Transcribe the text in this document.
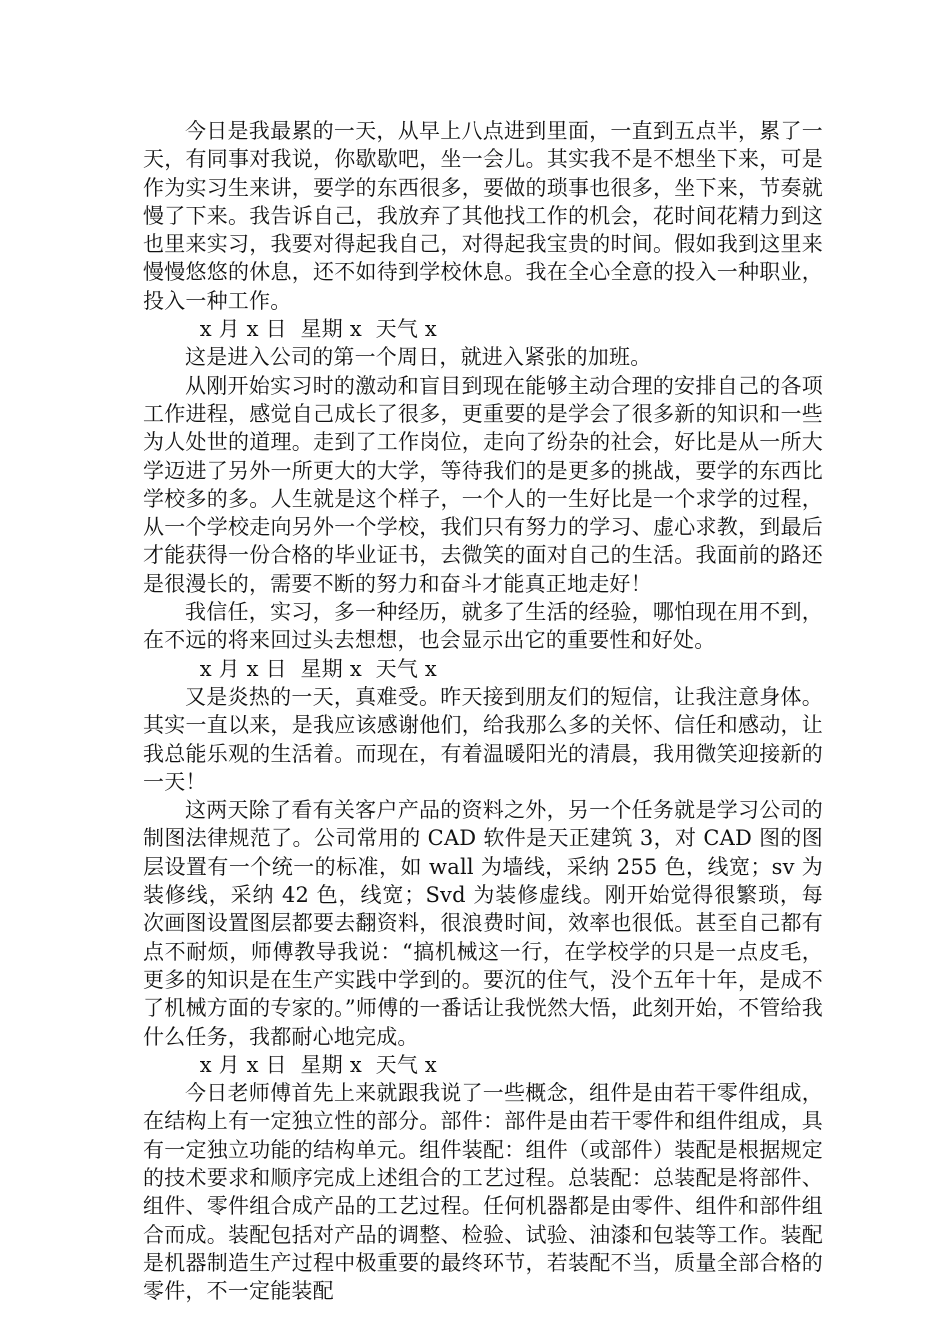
今日是我最累的一天，从早上八点进到里面，一直到五点半，累了一天，有同事对我说，你歇歇吧，坐一会儿。其实我不是不想坐下来，可是作为实习生来讲，要学的东西很多，要做的琐事也很多，坐下来，节奏就慢了下来。我告诉自己，我放弃了其他找工作的机会，花时间花精力到这也里来实习，我要对得起我自己，对得起我宝贵的时间。假如我到这里来慢慢悠悠的休息，还不如待到学校休息。我在全心全意的投入一种职业，投入一种工作。

x 月 x 日  星期 x  天气 x

这是进入公司的第一个周日，就进入紧张的加班。

从刚开始实习时的激动和盲目到现在能够主动合理的安排自己的各项工作进程，感觉自己成长了很多，更重要的是学会了很多新的知识和一些为人处世的道理。走到了工作岗位，走向了纷杂的社会，好比是从一所大学迈进了另外一所更大的大学，等待我们的是更多的挑战，要学的东西比学校多的多。人生就是这个样子，一个人的一生好比是一个求学的过程，从一个学校走向另外一个学校，我们只有努力的学习、虚心求教，到最后才能获得一份合格的毕业证书，去微笑的面对自己的生活。我面前的路还是很漫长的，需要不断的努力和奋斗才能真正地走好！

我信任，实习，多一种经历，就多了生活的经验，哪怕现在用不到，在不远的将来回过头去想想，也会显示出它的重要性和好处。

x 月 x 日  星期 x  天气 x

又是炎热的一天，真难受。昨天接到朋友们的短信，让我注意身体。其实一直以来，是我应该感谢他们，给我那么多的关怀、信任和感动，让我总能乐观的生活着。而现在，有着温暖阳光的清晨，我用微笑迎接新的一天！

这两天除了看有关客户产品的资料之外，另一个任务就是学习公司的制图法律规范了。公司常用的 CAD 软件是天正建筑 3，对 CAD 图的图层设置有一个统一的标准，如 wall 为墙线，采纳 255 色，线宽；sv 为装修线，采纳 42 色，线宽；Svd 为装修虚线。刚开始觉得很繁琐，每次画图设置图层都要去翻资料，很浪费时间，效率也很低。甚至自己都有点不耐烦，师傅教导我说：“搞机械这一行，在学校学的只是一点皮毛，更多的知识是在生产实践中学到的。要沉的住气，没个五年十年，是成不了机械方面的专家的。”师傅的一番话让我恍然大悟，此刻开始，不管给我什么任务，我都耐心地完成。

x 月 x 日  星期 x  天气 x

今日老师傅首先上来就跟我说了一些概念，组件是由若干零件组成，在结构上有一定独立性的部分。部件：部件是由若干零件和组件组成，具有一定独立功能的结构单元。组件装配：组件（或部件）装配是根据规定的技术要求和顺序完成上述组合的工艺过程。总装配：总装配是将部件、组件、零件组合成产品的工艺过程。任何机器都是由零件、组件和部件组合而成。装配包括对产品的调整、检验、试验、油漆和包装等工作。装配是机器制造生产过程中极重要的最终环节，若装配不当，质量全部合格的零件，不一定能装配
